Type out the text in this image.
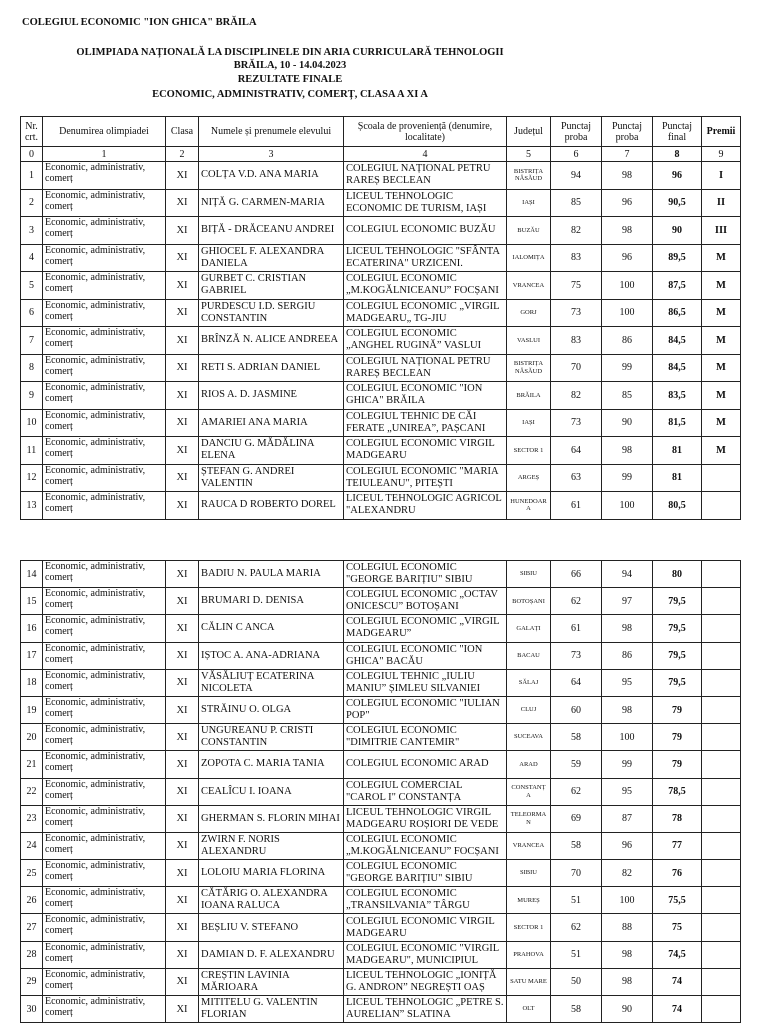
COLEGIUL ECONOMIC "ION GHICA" BRĂILA
OLIMPIADA NAȚIONALĂ LA DISCIPLINELE DIN ARIA CURRICULARĂ TEHNOLOGII
BRĂILA, 10 - 14.04.2023
REZULTATE FINALE
ECONOMIC, ADMINISTRATIV, COMERȚ, CLASA A XI A
Nr. crt.	Denumirea olimpiadei	Clasa	Numele și prenumele elevului	Școala de proveniență (denumire, localitate)	Județul	Punctaj proba	Punctaj proba	Punctaj final	Premii
0	1	2	3	4	5	6	7	8	9
1	Economic, administrativ, comerț	XI	COLȚA V.D. ANA MARIA	COLEGIUL NAȚIONAL PETRU RAREȘ BECLEAN	BISTRIȚA NĂSĂUD	94	98	96	I
2	Economic, administrativ, comerț	XI	NIȚĂ G. CARMEN-MARIA	LICEUL TEHNOLOGIC ECONOMIC DE TURISM, IAȘI	IAȘI	85	96	90,5	II
3	Economic, administrativ, comerț	XI	BIȚĂ - DRĂCEANU ANDREI	COLEGIUL ECONOMIC BUZĂU	BUZĂU	82	98	90	III
4	Economic, administrativ, comerț	XI	GHIOCEL F. ALEXANDRA DANIELA	LICEUL TEHNOLOGIC "SFÂNTA ECATERINA" URZICENI.	IALOMIȚA	83	96	89,5	M
5	Economic, administrativ, comerț	XI	GURBET C. CRISTIAN GABRIEL	COLEGIUL ECONOMIC „M.KOGĂLNICEANU” FOCȘANI	VRANCEA	75	100	87,5	M
6	Economic, administrativ, comerț	XI	PURDESCU I.D. SERGIU CONSTANTIN	COLEGIUL ECONOMIC „VIRGIL MADGEARU„ TG-JIU	GORJ	73	100	86,5	M
7	Economic, administrativ, comerț	XI	BRÎNZĂ N. ALICE ANDREEA	COLEGIUL ECONOMIC „ANGHEL RUGINĂ” VASLUI	VASLUI	83	86	84,5	M
8	Economic, administrativ, comerț	XI	RETI S. ADRIAN DANIEL	COLEGIUL NAȚIONAL PETRU RAREȘ BECLEAN	BISTRIȚA NĂSĂUD	70	99	84,5	M
9	Economic, administrativ, comerț	XI	RIOS A. D. JASMINE	COLEGIUL ECONOMIC "ION GHICA" BRĂILA	BRĂILA	82	85	83,5	M
10	Economic, administrativ, comerț	XI	AMARIEI ANA MARIA	COLEGIUL TEHNIC DE CĂI FERATE „UNIREA”, PAȘCANI	IAȘI	73	90	81,5	M
11	Economic, administrativ, comerț	XI	DANCIU G. MĂDĂLINA ELENA	COLEGIUL ECONOMIC VIRGIL MADGEARU	SECTOR 1	64	98	81	M
12	Economic, administrativ, comerț	XI	ȘTEFAN G. ANDREI VALENTIN	COLEGIUL ECONOMIC "MARIA TEIULEANU", PITEȘTI	ARGEȘ	63	99	81	
13	Economic, administrativ, comerț	XI	RAUCA D ROBERTO DOREL	LICEUL TEHNOLOGIC AGRICOL "ALEXANDRU	HUNEDOAR A	61	100	80,5	
14	Economic, administrativ, comerț	XI	BADIU N. PAULA MARIA	COLEGIUL ECONOMIC "GEORGE BARIȚIU" SIBIU	SIBIU	66	94	80	
15	Economic, administrativ, comerț	XI	BRUMARI D. DENISA	COLEGIUL ECONOMIC „OCTAV ONICESCU” BOTOȘANI	BOTOȘANI	62	97	79,5	
16	Economic, administrativ, comerț	XI	CĂLIN C ANCA	COLEGIUL ECONOMIC „VIRGIL MADGEARU”	GALAȚI	61	98	79,5	
17	Economic, administrativ, comerț	XI	IȘTOC A. ANA-ADRIANA	COLEGIUL ECONOMIC "ION GHICA" BACĂU	BACAU	73	86	79,5	
18	Economic, administrativ, comerț	XI	VĂSĂLIUȚ ECATERINA NICOLETA	COLEGIUL TEHNIC „IULIU MANIU” ȘIMLEU SILVANIEI	SĂLAJ	64	95	79,5	
19	Economic, administrativ, comerț	XI	STRĂINU O. OLGA	COLEGIUL ECONOMIC "IULIAN POP"	CLUJ	60	98	79	
20	Economic, administrativ, comerț	XI	UNGUREANU P. CRISTI CONSTANTIN	COLEGIUL ECONOMIC "DIMITRIE CANTEMIR"	SUCEAVA	58	100	79	
21	Economic, administrativ, comerț	XI	ZOPOTA C. MARIA TANIA	COLEGIUL ECONOMIC ARAD	ARAD	59	99	79	
22	Economic, administrativ, comerț	XI	CEALÎCU I. IOANA	COLEGIUL COMERCIAL "CAROL I" CONSTANȚA	CONSTANȚ A	62	95	78,5	
23	Economic, administrativ, comerț	XI	GHERMAN S. FLORIN MIHAI	LICEUL TEHNOLOGIC VIRGIL MADGEARU ROȘIORI DE VEDE	TELEORMA N	69	87	78	
24	Economic, administrativ, comerț	XI	ZWIRN F. NORIS ALEXANDRU	COLEGIUL ECONOMIC „M.KOGĂLNICEANU” FOCȘANI	VRANCEA	58	96	77	
25	Economic, administrativ, comerț	XI	LOLOIU MARIA FLORINA	COLEGIUL ECONOMIC "GEORGE BARIȚIU" SIBIU	SIBIU	70	82	76	
26	Economic, administrativ, comerț	XI	CĂTĂRIG O. ALEXANDRA IOANA RALUCA	COLEGIUL ECONOMIC „TRANSILVANIA” TÂRGU	MUREȘ	51	100	75,5	
27	Economic, administrativ, comerț	XI	BEȘLIU V. STEFANO	COLEGIUL ECONOMIC VIRGIL MADGEARU	SECTOR 1	62	88	75	
28	Economic, administrativ, comerț	XI	DAMIAN D. F. ALEXANDRU	COLEGIUL ECONOMIC "VIRGIL MADGEARU", MUNICIPIUL	PRAHOVA	51	98	74,5	
29	Economic, administrativ, comerț	XI	CREȘTIN LAVINIA MĂRIOARA	LICEUL TEHNOLOGIC „IONIȚĂ G. ANDRON” NEGREȘTI OAȘ	SATU MARE	50	98	74	
30	Economic, administrativ, comerț	XI	MITITELU G. VALENTIN FLORIAN	LICEUL TEHNOLOGIC „PETRE S. AURELIAN” SLATINA	OLT	58	90	74	
